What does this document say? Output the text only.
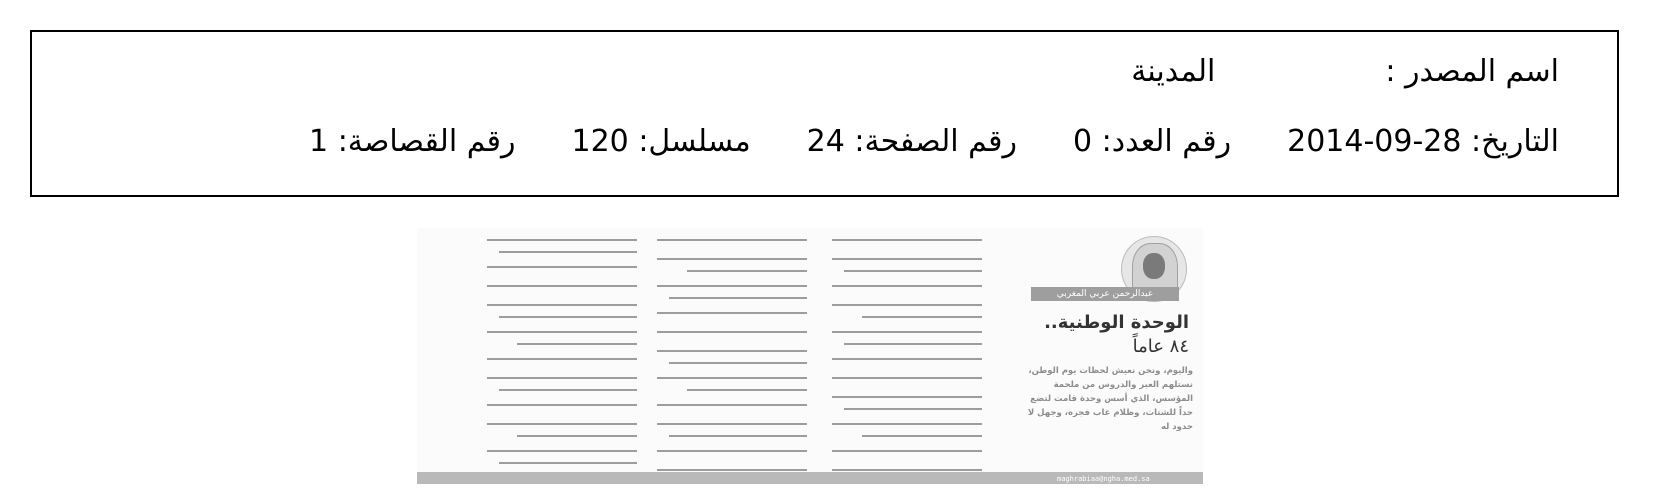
اسم المصدر :
المدينة
التاريخ: 2014-09-28
رقم العدد: 0
رقم الصفحة: 24
مسلسل: 120
رقم القصاصة: 1
عبدالرحمن عربي المغربي
الوحدة الوطنية..
٨٤ عاماً
واليوم، ونحن نعيش لحظات يوم الوطن، نستلهم العبر والدروس من ملحمة المؤسس، الذي أسس وحدة قامت لتضع حداً للشتات، وظلام غاب فجره، وجهل لا حدود له
maghrabiaa@ngha.med.sa
